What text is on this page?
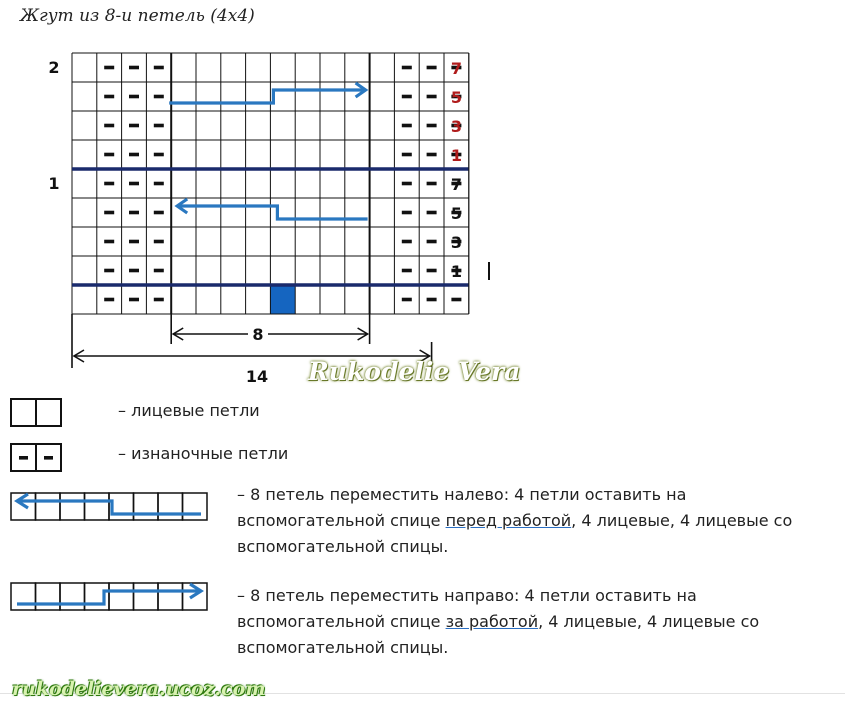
Жгут из 8-и петель (4x4)
2
1
7
5
3
1
7
5
3
1
8
14
– лицевые петли
– изнаночные петли
– 8 петель переместить налево: 4 петли оставить на
вспомогательной спице перед работой, 4 лицевые, 4 лицевые со
вспомогательной спицы.
– 8 петель переместить направо: 4 петли оставить на
вспомогательной спице за работой, 4 лицевые, 4 лицевые со
вспомогательной спицы.
Rukodelie Vera
rukodelievera.ucoz.com
